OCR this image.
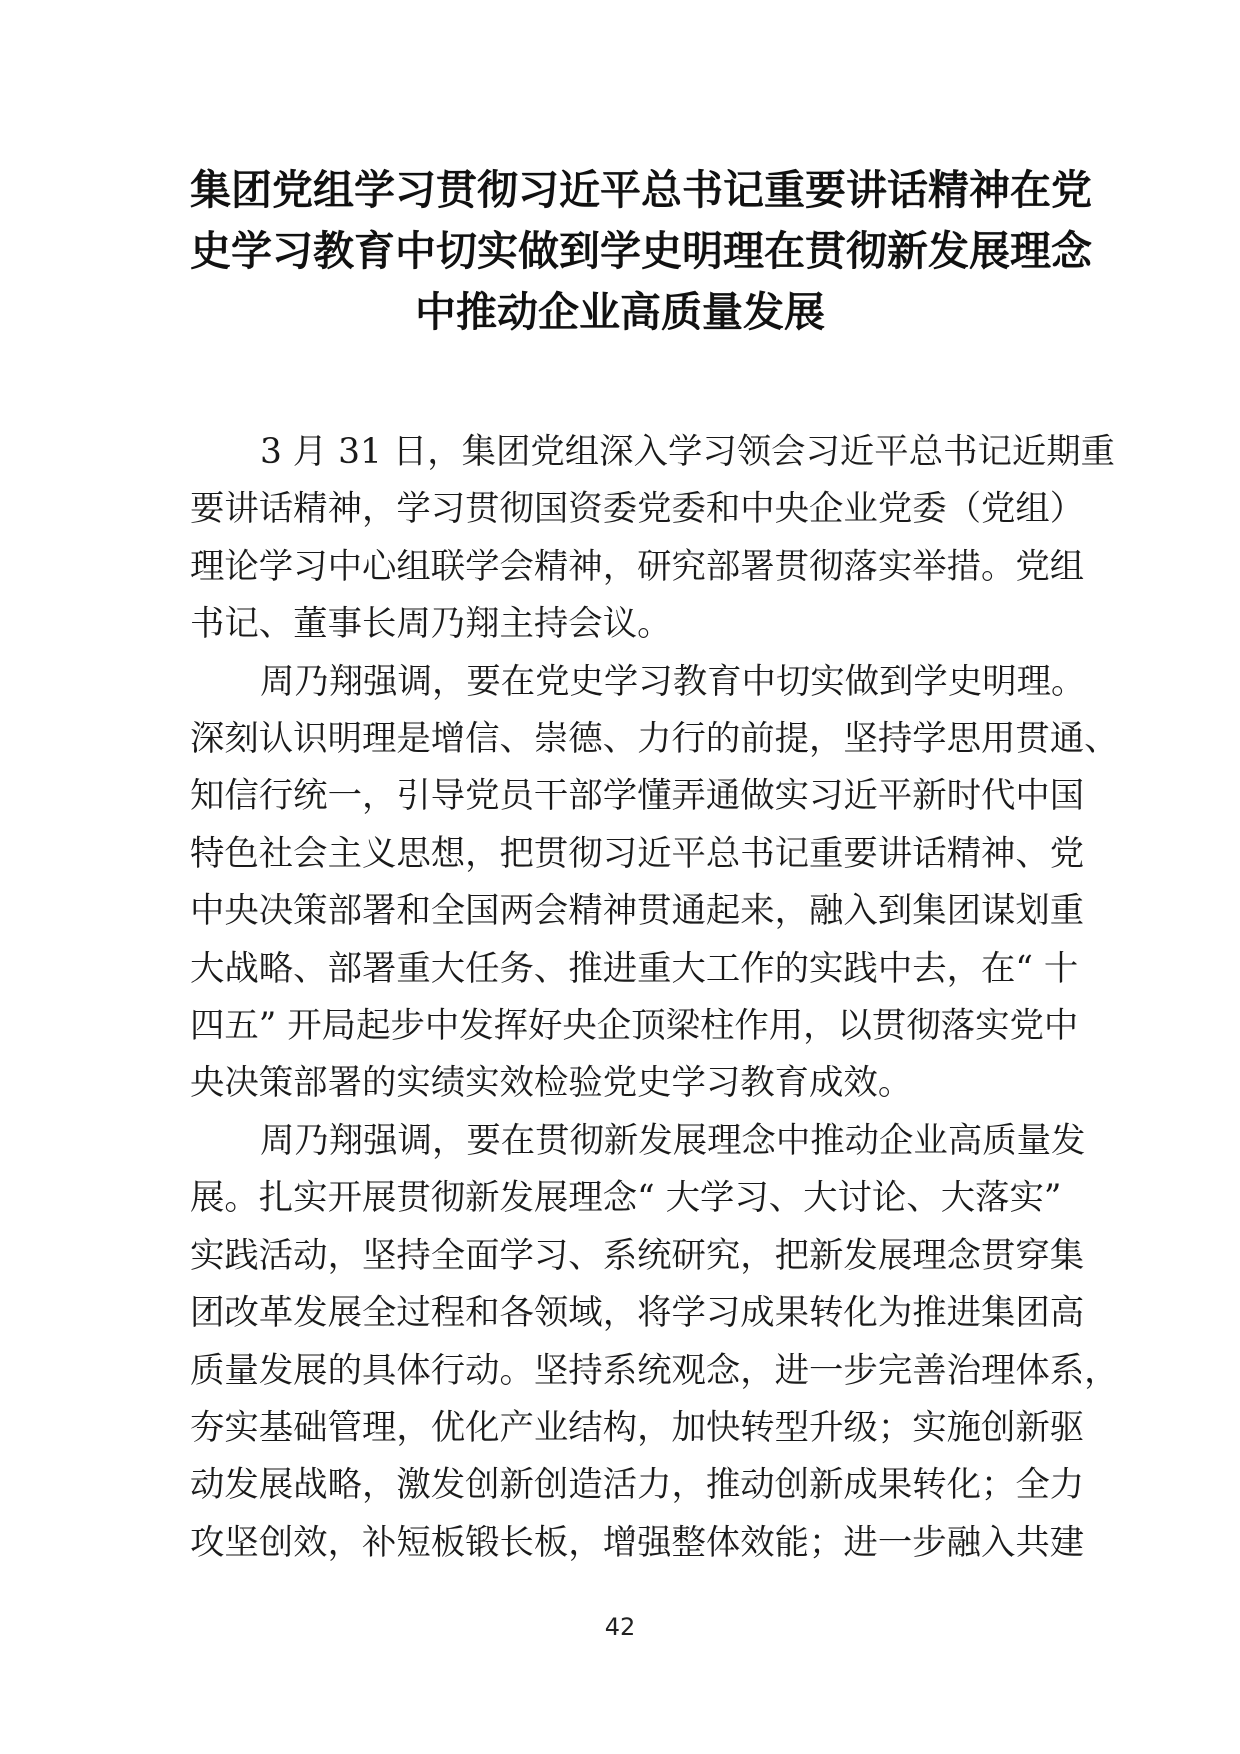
集团党组学习贯彻习近平总书记重要讲话精神在党
史学习教育中切实做到学史明理在贯彻新发展理念
中推动企业高质量发展
3 月 31 日，集团党组深入学习领会习近平总书记近期重
要讲话精神，学习贯彻国资委党委和中央企业党委（党组）
理论学习中心组联学会精神，研究部署贯彻落实举措。党组
书记、董事长周乃翔主持会议。
周乃翔强调，要在党史学习教育中切实做到学史明理。
深刻认识明理是增信、崇德、力行的前提，坚持学思用贯通、
知信行统一，引导党员干部学懂弄通做实习近平新时代中国
特色社会主义思想，把贯彻习近平总书记重要讲话精神、党
中央决策部署和全国两会精神贯通起来，融入到集团谋划重
大战略、部署重大任务、推进重大工作的实践中去，在“ 十
四五” 开局起步中发挥好央企顶梁柱作用，以贯彻落实党中
央决策部署的实绩实效检验党史学习教育成效。
周乃翔强调，要在贯彻新发展理念中推动企业高质量发
展。扎实开展贯彻新发展理念“ 大学习、大讨论、大落实”
实践活动，坚持全面学习、系统研究，把新发展理念贯穿集
团改革发展全过程和各领域，将学习成果转化为推进集团高
质量发展的具体行动。坚持系统观念，进一步完善治理体系，
夯实基础管理，优化产业结构，加快转型升级；实施创新驱
动发展战略，激发创新创造活力，推动创新成果转化；全力
攻坚创效，补短板锻长板，增强整体效能；进一步融入共建
42
